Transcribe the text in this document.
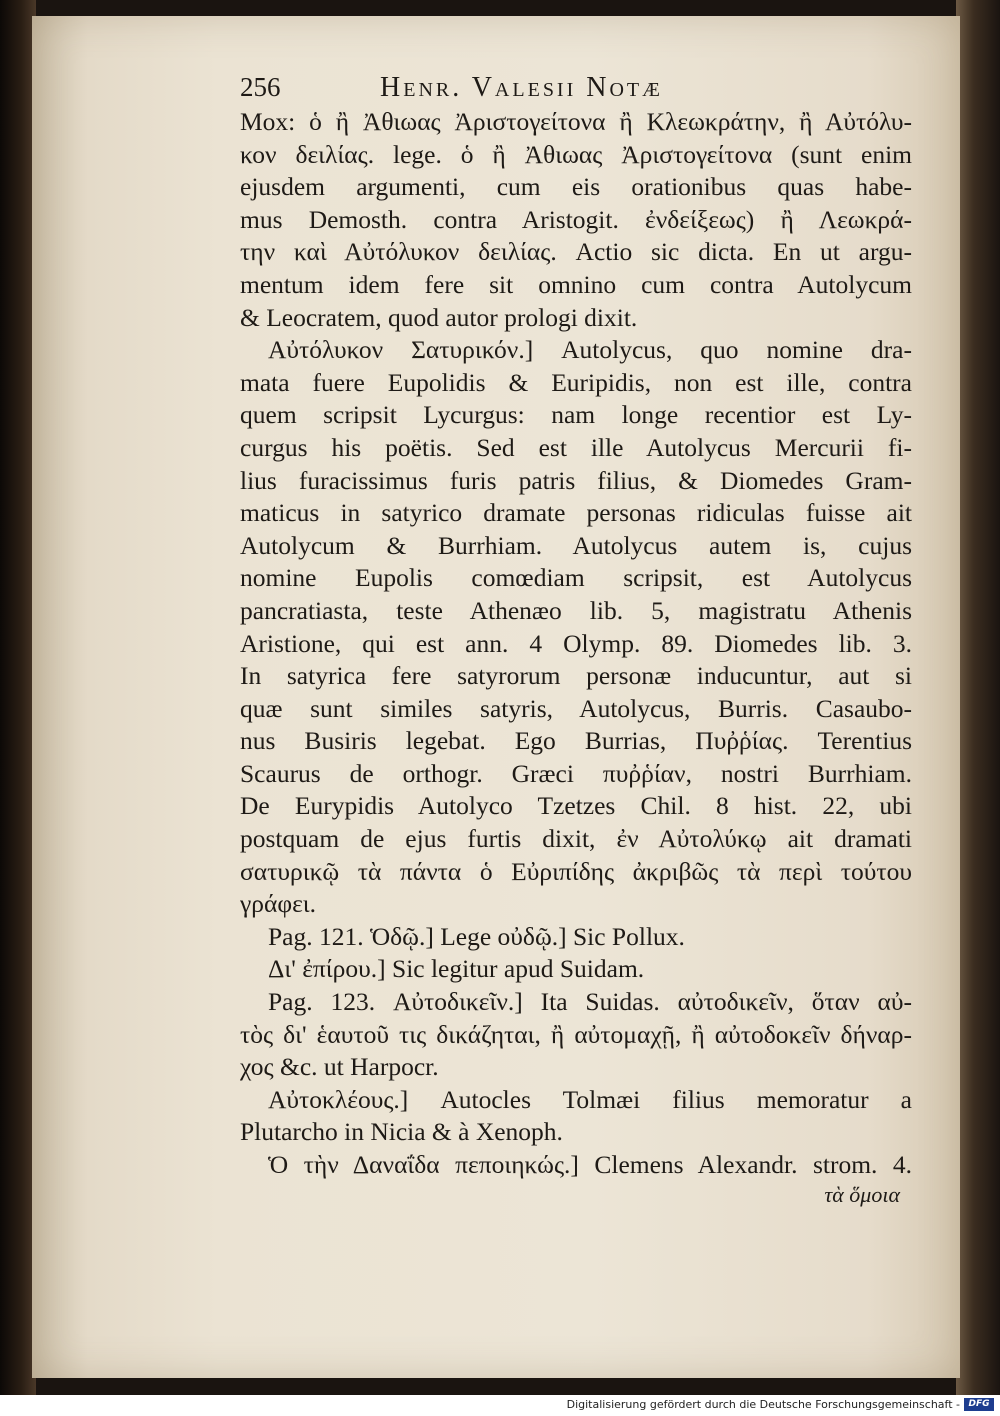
256	Henr. Valesii Notæ
Mox: ὁ ἢ Ἀθιωας Ἀριστογείτονα ἢ Κλεωκράτην, ἢ Αὐτόλυ-
κον δειλίας. lege. ὁ ἢ Ἀθιωας Ἀριστογείτονα (sunt enim
ejusdem argumenti, cum eis orationibus quas habe-
mus Demosth. contra Aristogit. ἐνδείξεως) ἢ Λεωκρά-
την καὶ Αὐτόλυκον δειλίας. Actio sic dicta. En ut argu-
mentum idem fere sit omnino cum contra Autolycum
& Leocratem, quod autor prologi dixit.
Αὐτόλυκον Σατυρικόν.] Autolycus, quo nomine dra-
mata fuere Eupolidis & Euripidis, non est ille, contra
quem scripsit Lycurgus: nam longe recentior est Ly-
curgus his poëtis. Sed est ille Autolycus Mercurii fi-
lius furacissimus furis patris filius, & Diomedes Gram-
maticus in satyrico dramate personas ridiculas fuisse ait
Autolycum & Burrhiam. Autolycus autem is, cujus
nomine Eupolis comœdiam scripsit, est Autolycus
pancratiasta, teste Athenæo lib. 5, magistratu Athenis
Aristione, qui est ann. 4 Olymp. 89. Diomedes lib. 3.
In satyrica fere satyrorum personæ inducuntur, aut si
quæ sunt similes satyris, Autolycus, Burris. Casaubo-
nus Busiris legebat. Ego Burrias, Πυῤῥίας. Terentius
Scaurus de orthogr. Græci πυῤῥίαν, nostri Burrhiam.
De Eurypidis Autolyco Tzetzes Chil. 8 hist. 22, ubi
postquam de ejus furtis dixit, ἐν Αὐτολύκῳ ait dramati
σατυρικῷ τὰ πάντα ὁ Εὐριπίδης ἀκριβῶς τὰ περὶ τούτου
γράφει.
Pag. 121. Ὁδῷ.] Lege οὐδῷ.] Sic Pollux.
Δι' ἐπίρου.] Sic legitur apud Suidam.
Pag. 123. Αὐτοδικεῖν.] Ita Suidas. αὐτοδικεῖν, ὅταν αὐ-
τὸς δι' ἑαυτοῦ τις δικάζηται, ἢ αὐτομαχῇ, ἢ αὐτοδοκεῖν δήναρ-
χος &c. ut Harpocr.
Αὐτοκλέους.] Autocles Tolmæi filius memoratur a
Plutarcho in Nicia & à Xenoph.
Ὁ τὴν Δαναΐδα πεποιηκώς.] Clemens Alexandr. strom. 4.
τὰ ὅμοια
Digitalisierung gefördert durch die Deutsche Forschungsgemeinschaft - DFG
